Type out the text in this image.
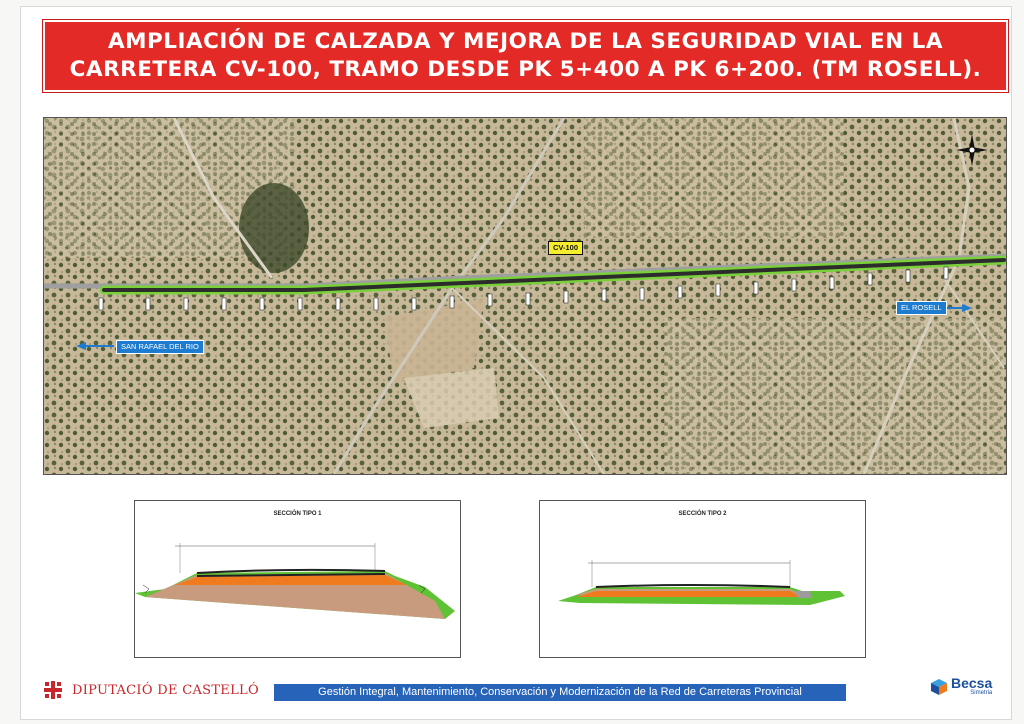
AMPLIACIÓN DE CALZADA Y MEJORA DE LA SEGURIDAD VIAL EN LA
CARRETERA CV-100, TRAMO DESDE PK 5+400 A PK 6+200. (TM ROSELL).
CV-100
SAN RAFAEL DEL RIO
EL ROSELL
SECCIÓN TIPO 1	SECCIÓN TIPO 2
DIPUTACIÓ DE CASTELLÓ	Gestión Integral, Mantenimiento, Conservación y Modernización de la Red de Carreteras Provincial
Becsa
Simetria
